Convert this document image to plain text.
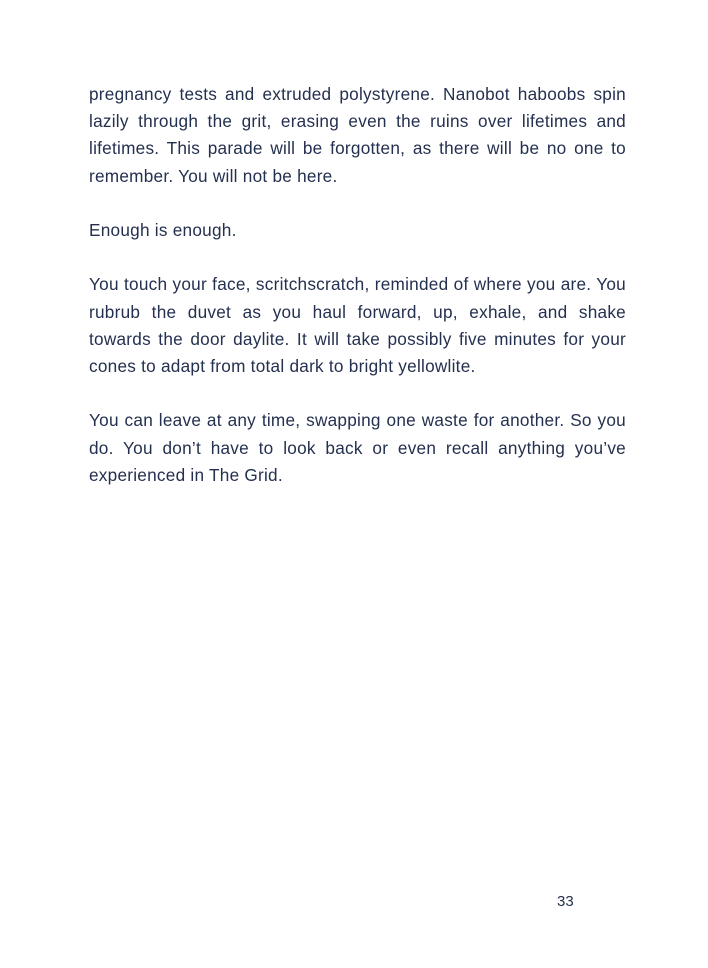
pregnancy tests and extruded polystyrene. Nanobot haboobs spin lazily through the grit, erasing even the ruins over lifetimes and lifetimes. This parade will be forgotten, as there will be no one to remember. You will not be here.

Enough is enough.

You touch your face, scritchscratch, reminded of where you are. You rubrub the duvet as you haul forward, up, exhale, and shake towards the door daylite. It will take possibly five minutes for your cones to adapt from total dark to bright yellowlite.

You can leave at any time, swapping one waste for another. So you do. You don’t have to look back or even recall anything you’ve experienced in The Grid.

33
